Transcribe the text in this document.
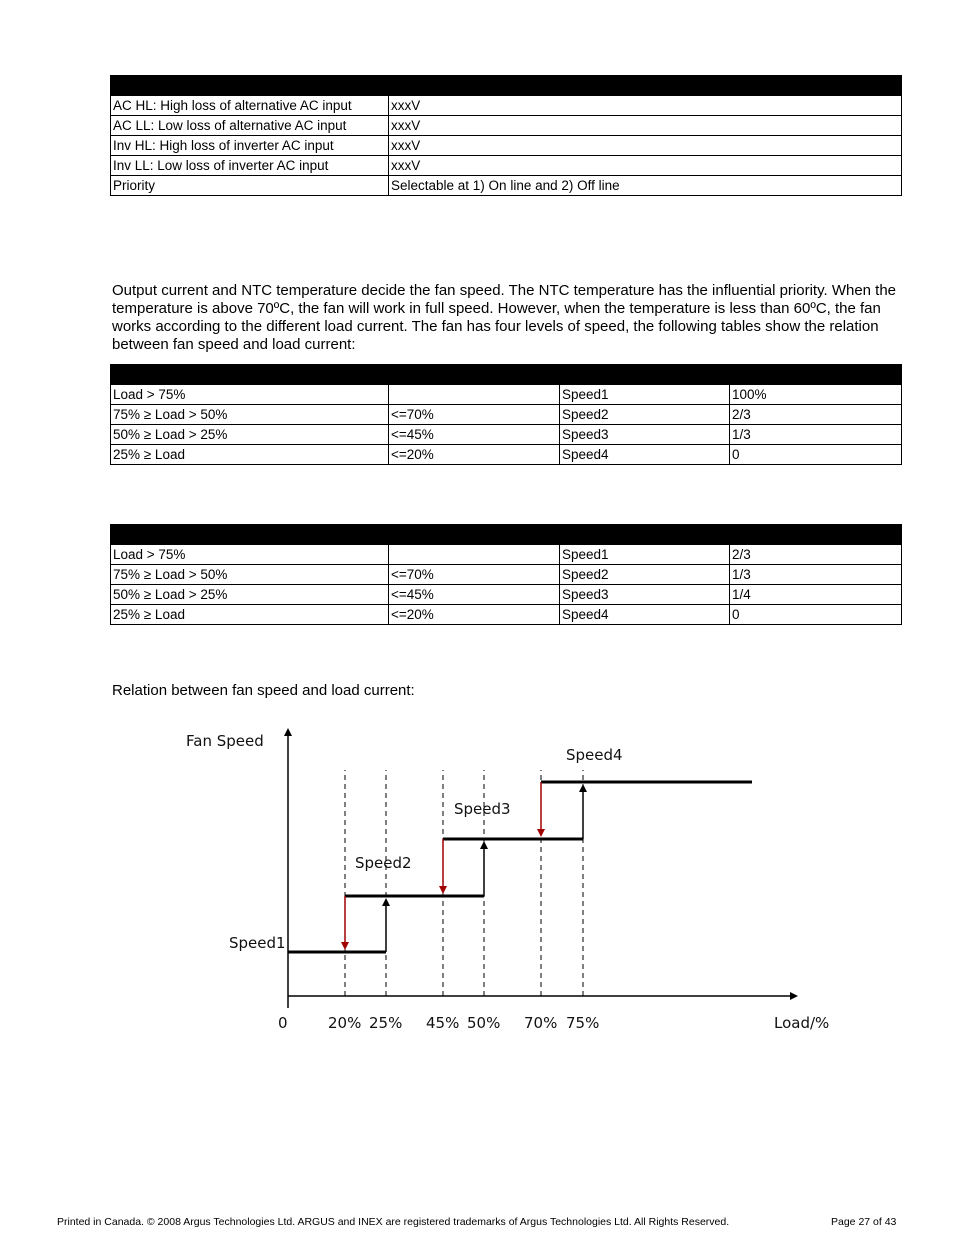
AC HL: High loss of alternative AC input	xxxV
AC LL: Low loss of alternative AC input	xxxV
Inv HL: High loss of inverter AC input	xxxV
Inv LL: Low loss of inverter AC input	xxxV
Priority	Selectable at 1) On line and 2) Off line

Output current and NTC temperature decide the fan speed. The NTC temperature has the influential priority. When the temperature is above 70ºC, the fan will work in full speed. However, when the temperature is less than 60ºC, the fan works according to the different load current. The fan has four levels of speed, the following tables show the relation between fan speed and load current:

Load > 75%		Speed1	100%
75% ≥ Load > 50%	<=70%	Speed2	2/3
50% ≥ Load > 25%	<=45%	Speed3	1/3
25% ≥ Load	<=20%	Speed4	0

Load > 75%		Speed1	2/3
75% ≥ Load > 50%	<=70%	Speed2	1/3
50% ≥ Load > 25%	<=45%	Speed3	1/4
25% ≥ Load	<=20%	Speed4	0

Relation between fan speed and load current:

Fan Speed
Load/%
Speed1
Speed2
Speed3
Speed4
0	20% 25% 45% 50% 70% 75%
Printed in Canada. © 2008 Argus Technologies Ltd. ARGUS and INEX are registered trademarks of Argus Technologies Ltd. All Rights Reserved.	Page 27 of 43
